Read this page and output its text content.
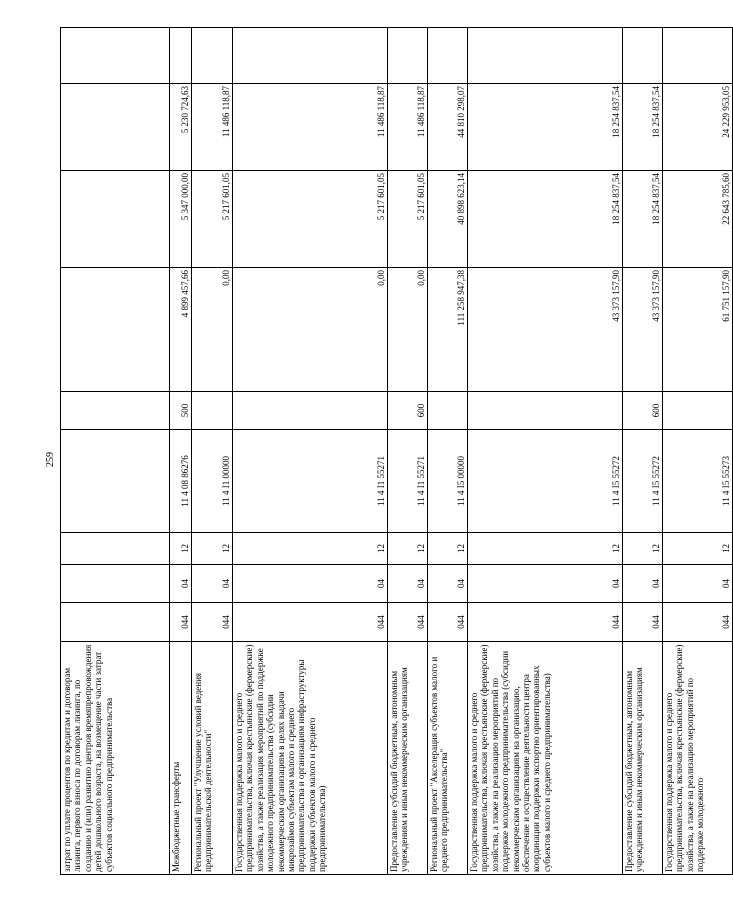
259
затрат по уплате процентов по кредитам и договорам лизинга, первого взноса по договорам лизинга, по созданию и (или) развитию центров времяпрепровождения детей дошкольного возраста, на возмещение части затрат субъектов социального предпринимательства									
Межбюджетные трансферты	044	04	12	11 4 08 86276	500	4 899 457,66	5 347 000,00	5 230 724,63	
Региональный проект "Улучшение условий ведения предпринимательской деятельности"	044	04	12	11 4 I1 00000		0,00	5 217 601,05	11 486 118,87	
Государственная поддержка малого и среднего предпринимательства, включая крестьянские (фермерские) хозяйства, а также реализация мероприятий по поддержке молодежного предпринимательства (субсидии некоммерческим организациям в целях выдачи микрозаймов субъектам малого и среднего предпринимательства и организациям инфраструктуры поддержки субъектов малого и среднего предпринимательства)	044	04	12	11 4 I1 55271		0,00	5 217 601,05	11 486 118,87	
Предоставление субсидий бюджетным, автономным учреждениям и иным некоммерческим организациям	044	04	12	11 4 I1 55271	600	0,00	5 217 601,05	11 486 118,87	
Региональный проект "Акселерация субъектов малого и среднего предпринимательства"	044	04	12	11 4 I5 00000		111 258 947,38	40 898 623,14	44 810 298,07	
Государственная поддержка малого и среднего предпринимательства, включая крестьянские (фермерские) хозяйства, а также на реализацию мероприятий по поддержке молодежного предпринимательства (субсидии некоммерческим организациям на организацию, обеспечение и осуществление деятельности центра координации поддержки экспортно ориентированных субъектов малого и среднего предпринимательства)	044	04	12	11 4 I5 55272		43 373 157,90	18 254 837,54	18 254 837,54	
Предоставление субсидий бюджетным, автономным учреждениям и иным некоммерческим организациям	044	04	12	11 4 I5 55272	600	43 373 157,90	18 254 837,54	18 254 837,54	
Государственная поддержка малого и среднего предпринимательства, включая крестьянские (фермерские) хозяйства, а также на реализацию мероприятий по поддержке молодежного	044	04	12	11 4 I5 55273		61 751 157,90	22 643 785,60	24 229 953,05	
